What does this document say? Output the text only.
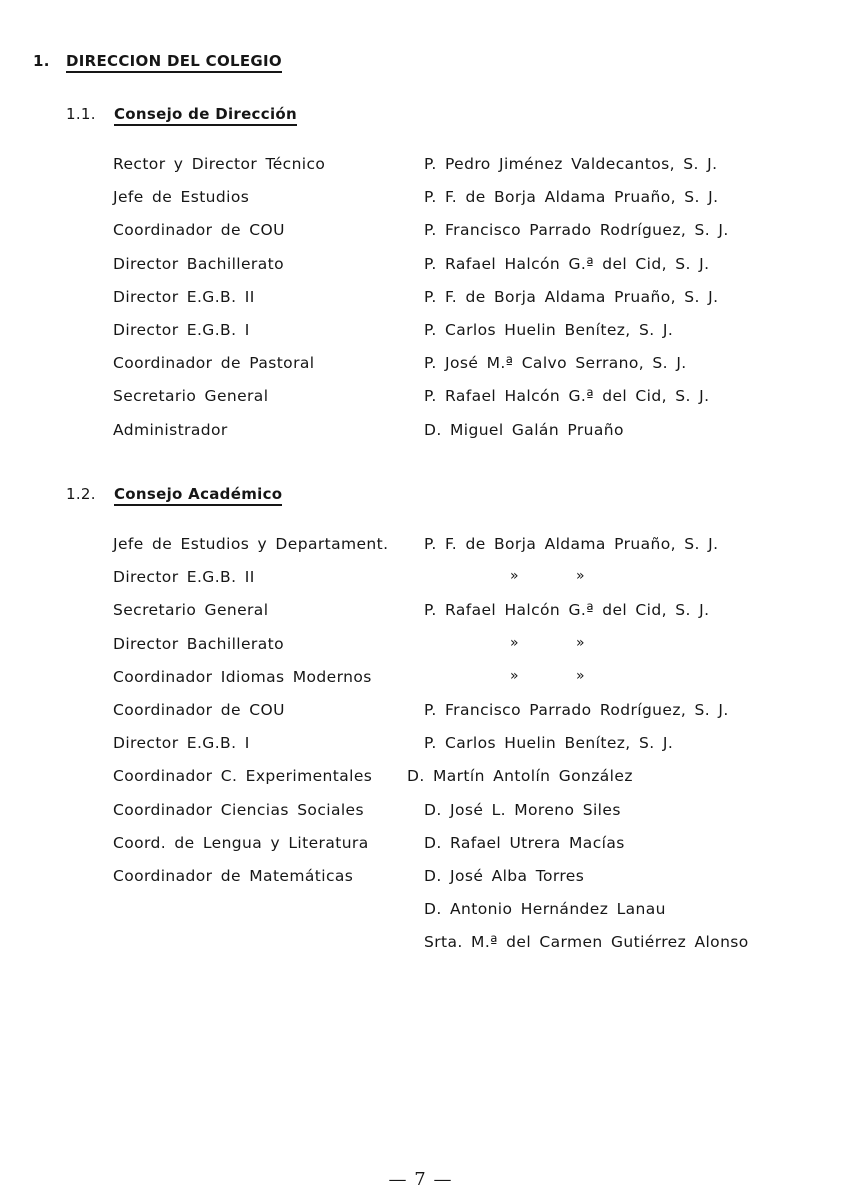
1. DIRECCION DEL COLEGIO
1.1. Consejo de Dirección
Rector y Director Técnico	P. Pedro Jiménez Valdecantos, S. J.
Jefe de Estudios	P. F. de Borja Aldama Pruaño, S. J.
Coordinador de COU	P. Francisco Parrado Rodríguez, S. J.
Director Bachillerato	P. Rafael Halcón G.ª del Cid, S. J.
Director E.G.B. II	P. F. de Borja Aldama Pruaño, S. J.
Director E.G.B. I	P. Carlos Huelin Benítez, S. J.
Coordinador de Pastoral	P. José M.ª Calvo Serrano, S. J.
Secretario General	P. Rafael Halcón G.ª del Cid, S. J.
Administrador	D. Miguel Galán Pruaño
1.2. Consejo Académico
Jefe de Estudios y Departament. P. F. de Borja Aldama Pruaño, S. J.
Director E.G.B. II	»	»
Secretario General	P. Rafael Halcón G.ª del Cid, S. J.
Director Bachillerato	»	»
Coordinador Idiomas Modernos	»	»
Coordinador de COU	P. Francisco Parrado Rodríguez, S. J.
Director E.G.B. I	P. Carlos Huelin Benítez, S. J.
Coordinador C. Experimentales D. Martín Antolín González
Coordinador Ciencias Sociales	D. José L. Moreno Siles
Coord. de Lengua y Literatura	D. Rafael Utrera Macías
Coordinador de Matemáticas	D. José Alba Torres
D. Antonio Hernández Lanau
Srta. M.ª del Carmen Gutiérrez Alonso
— 7 —
